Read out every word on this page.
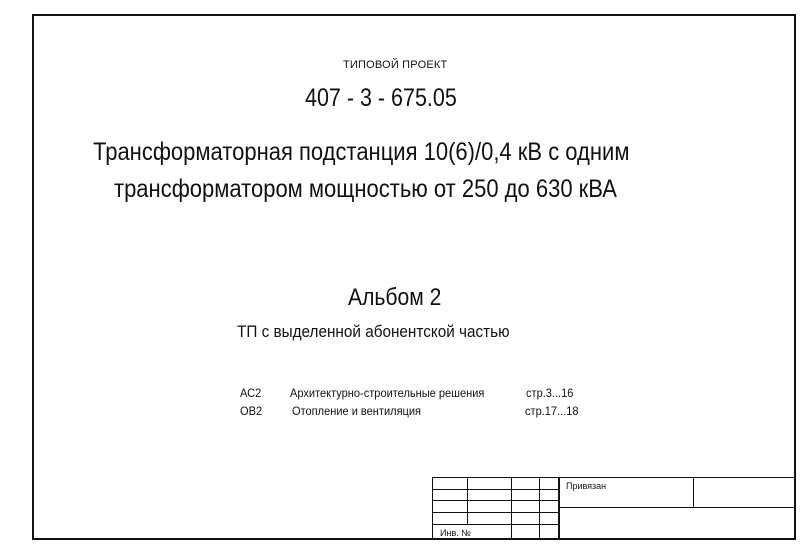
ТИПОВОЙ ПРОЕКТ
407 - 3 - 675.05
Трансформаторная подстанция 10(6)/0,4 кВ с одним
трансформатором мощностью от 250 до 630 кВА
Альбом 2
ТП с выделенной абонентской частью
АС2 Архитектурно-строительные решения	стр.3...16
ОВ2 Отопление и вентиляция	стр.17...18
Привязан
Инв. №
